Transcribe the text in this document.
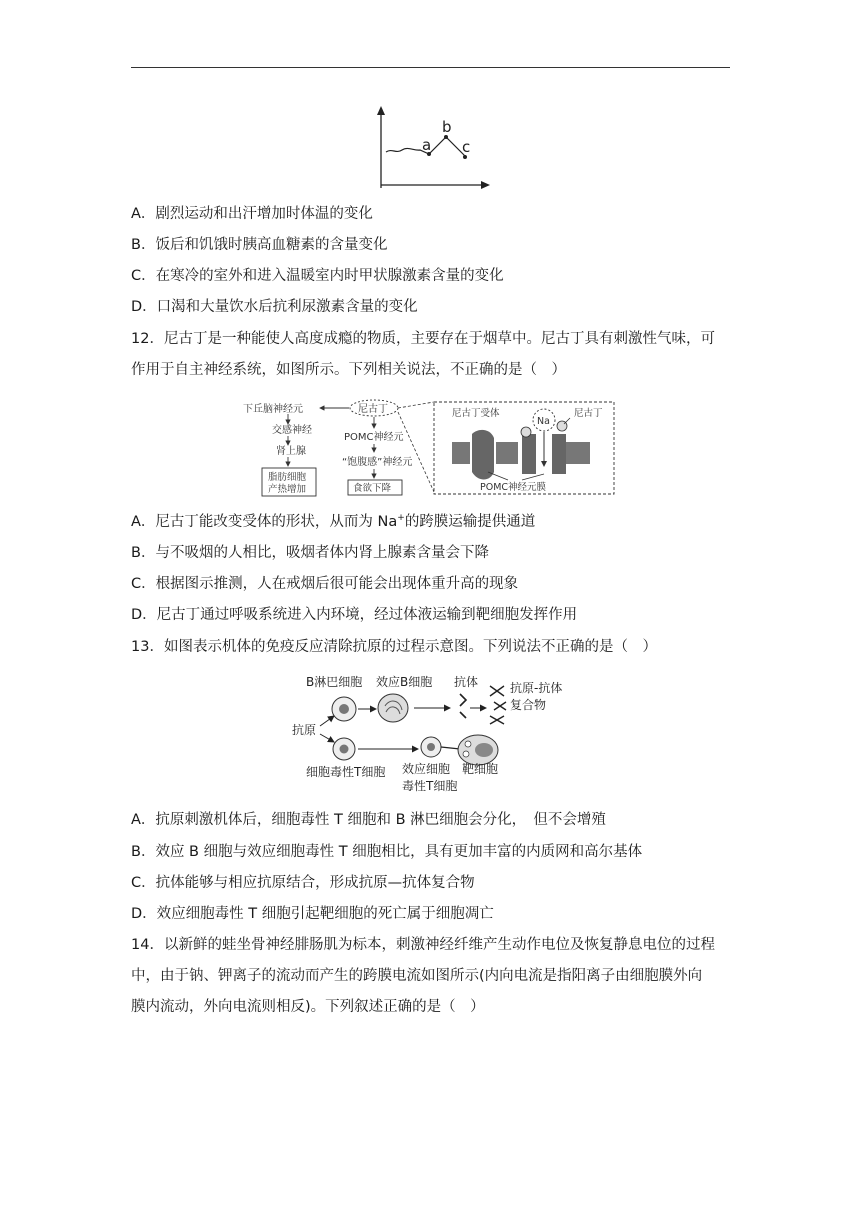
a
b
c
A．剧烈运动和出汗增加时体温的变化
B．饭后和饥饿时胰高血糖素的含量变化
C．在寒冷的室外和进入温暖室内时甲状腺激素含量的变化
D．口渴和大量饮水后抗利尿激素含量的变化
12．尼古丁是一种能使人高度成瘾的物质，主要存在于烟草中。尼古丁具有刺激性气味，可
作用于自主神经系统，如图所示。下列相关说法，不正确的是（　）
下丘脑神经元	尼古丁
交感神经
肾上腺
脂肪细胞
产热增加
POMC神经元
“饱腹感”神经元
食欲下降
尼古丁受体
Na
尼古丁
POMC神经元膜
A．尼古丁能改变受体的形状，从而为 Na+的跨膜运输提供通道
B．与不吸烟的人相比，吸烟者体内肾上腺素含量会下降
C．根据图示推测，人在戒烟后很可能会出现体重升高的现象
D．尼古丁通过呼吸系统进入内环境，经过体液运输到靶细胞发挥作用
13．如图表示机体的免疫反应清除抗原的过程示意图。下列说法不正确的是（　）
B淋巴细胞 效应B细胞 抗体	抗原-抗体
复合物
抗原
细胞毒性T细胞 效应细胞
毒性T细胞
靶细胞
A．抗原刺激机体后，细胞毒性 T 细胞和 B 淋巴细胞会分化，　但不会增殖
B．效应 B 细胞与效应细胞毒性 T 细胞相比，具有更加丰富的内质网和高尔基体
C．抗体能够与相应抗原结合，形成抗原—抗体复合物
D．效应细胞毒性 T 细胞引起靶细胞的死亡属于细胞凋亡
14．以新鲜的蛙坐骨神经腓肠肌为标本，刺激神经纤维产生动作电位及恢复静息电位的过程
中，由于钠、钾离子的流动而产生的跨膜电流如图所示(内向电流是指阳离子由细胞膜外向
膜内流动，外向电流则相反)。下列叙述正确的是（　）
